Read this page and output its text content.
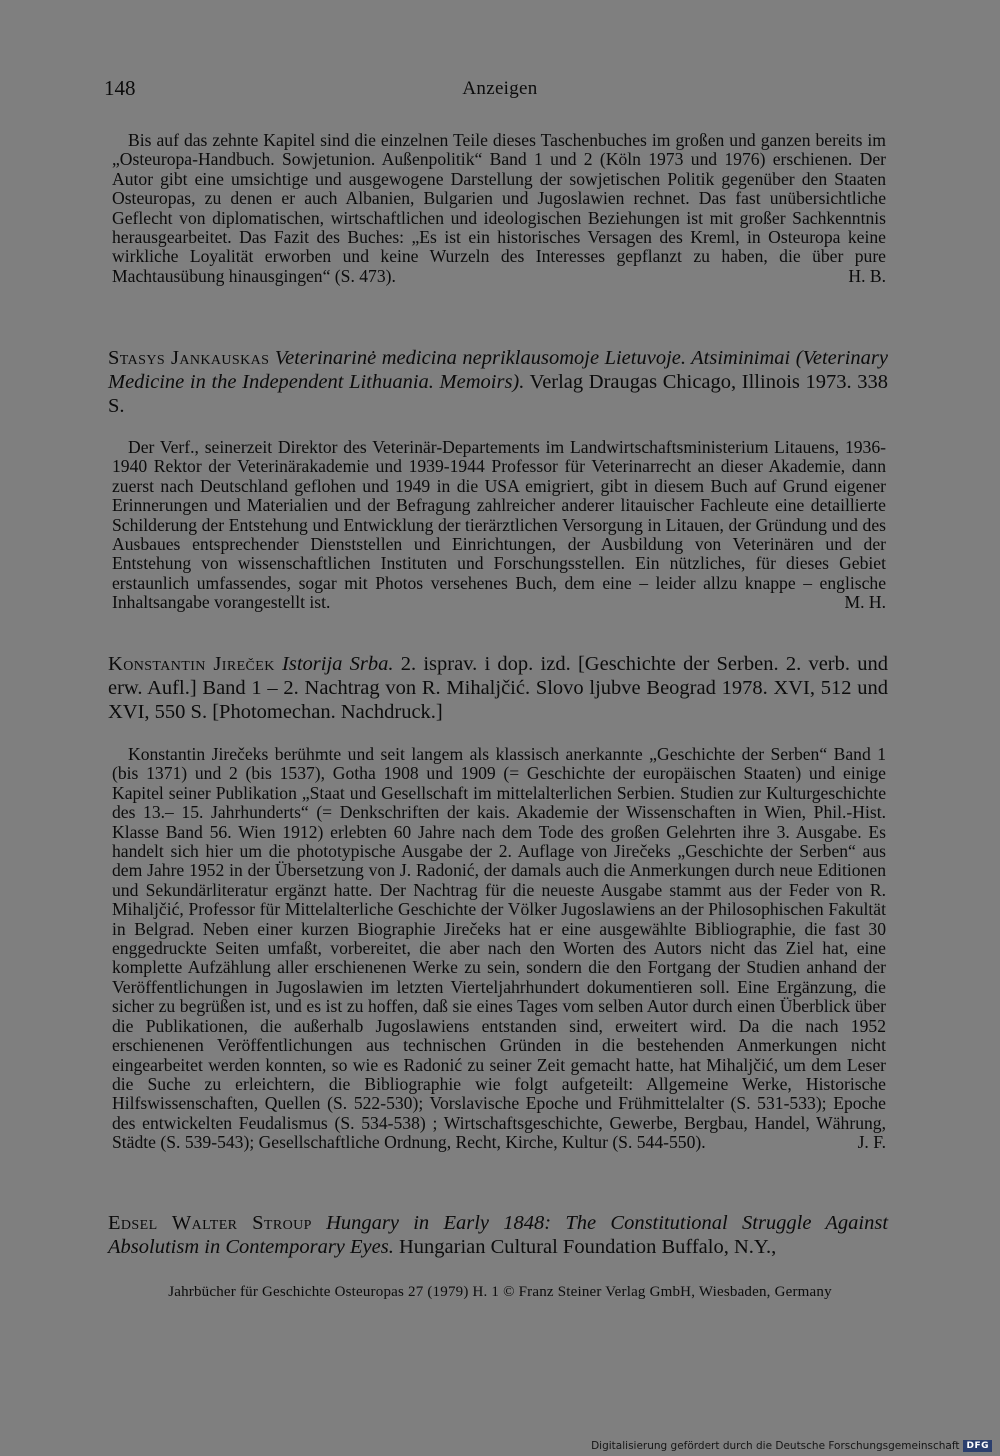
148	Anzeigen

Bis auf das zehnte Kapitel sind die einzelnen Teile dieses Taschenbuches im großen und ganzen bereits im „Osteuropa-Handbuch. Sowjetunion. Außenpolitik“ Band 1 und 2 (Köln 1973 und 1976) erschienen. Der Autor gibt eine umsichtige und ausgewogene Darstellung der sowjetischen Politik gegenüber den Staaten Osteuropas, zu denen er auch Albanien, Bulgarien und Jugoslawien rechnet. Das fast unübersichtliche Geflecht von diplomatischen, wirtschaftlichen und ideologischen Beziehungen ist mit großer Sachkenntnis herausgearbeitet. Das Fazit des Buches: „Es ist ein historisches Versagen des Kreml, in Osteuropa keine wirkliche Loyalität erworben und keine Wurzeln des Interesses gepflanzt zu haben, die über pure Machtausübung hinausgingen“ (S. 473).	H. B.

Stasys Jankauskas Veterinarinė medicina nepriklausomoje Lietuvoje. Atsiminimai (Veterinary Medicine in the Independent Lithuania. Memoirs). Verlag Draugas Chicago, Illinois 1973. 338 S.

Der Verf., seinerzeit Direktor des Veterinär-Departements im Landwirtschaftsministerium Litauens, 1936-1940 Rektor der Veterinärakademie und 1939-1944 Professor für Veterinarrecht an dieser Akademie, dann zuerst nach Deutschland geflohen und 1949 in die USA emigriert, gibt in diesem Buch auf Grund eigener Erinnerungen und Materialien und der Befragung zahlreicher anderer litauischer Fachleute eine detaillierte Schilderung der Entstehung und Entwicklung der tierärztlichen Versorgung in Litauen, der Gründung und des Ausbaues entsprechender Dienststellen und Einrichtungen, der Ausbildung von Veterinären und der Entstehung von wissenschaftlichen Instituten und Forschungsstellen. Ein nützliches, für dieses Gebiet erstaunlich umfassendes, sogar mit Photos versehenes Buch, dem eine – leider allzu knappe – englische Inhaltsangabe vorangestellt ist.	M. H.

Konstantin Jireček Istorija Srba. 2. isprav. i dop. izd. [Geschichte der Serben. 2. verb. und erw. Aufl.] Band 1 – 2. Nachtrag von R. Mihaljčić. Slovo ljubve Beograd 1978. XVI, 512 und XVI, 550 S. [Photomechan. Nachdruck.]

Konstantin Jirečeks berühmte und seit langem als klassisch anerkannte „Geschichte der Serben“ Band 1 (bis 1371) und 2 (bis 1537), Gotha 1908 und 1909 (= Geschichte der europäischen Staaten) und einige Kapitel seiner Publikation „Staat und Gesellschaft im mittelalterlichen Serbien. Studien zur Kulturgeschichte des 13.– 15. Jahrhunderts“ (= Denkschriften der kais. Akademie der Wissenschaften in Wien, Phil.-Hist. Klasse Band 56. Wien 1912) erlebten 60 Jahre nach dem Tode des großen Gelehrten ihre 3. Ausgabe. Es handelt sich hier um die phototypische Ausgabe der 2. Auflage von Jirečeks „Geschichte der Serben“ aus dem Jahre 1952 in der Übersetzung von J. Radonić, der damals auch die Anmerkungen durch neue Editionen und Sekundärliteratur ergänzt hatte. Der Nachtrag für die neueste Ausgabe stammt aus der Feder von R. Mihaljčić, Professor für Mittelalterliche Geschichte der Völker Jugoslawiens an der Philosophischen Fakultät in Belgrad. Neben einer kurzen Biographie Jirečeks hat er eine ausgewählte Bibliographie, die fast 30 enggedruckte Seiten umfaßt, vorbereitet, die aber nach den Worten des Autors nicht das Ziel hat, eine komplette Aufzählung aller erschienenen Werke zu sein, sondern die den Fortgang der Studien anhand der Veröffentlichungen in Jugoslawien im letzten Vierteljahrhundert dokumentieren soll. Eine Ergänzung, die sicher zu begrüßen ist, und es ist zu hoffen, daß sie eines Tages vom selben Autor durch einen Überblick über die Publikationen, die außerhalb Jugoslawiens entstanden sind, erweitert wird. Da die nach 1952 erschienenen Veröffentlichungen aus technischen Gründen in die bestehenden Anmerkungen nicht eingearbeitet werden konnten, so wie es Radonić zu seiner Zeit gemacht hatte, hat Mihaljčić, um dem Leser die Suche zu erleichtern, die Bibliographie wie folgt aufgeteilt: Allgemeine Werke, Historische Hilfswissenschaften, Quellen (S. 522-530); Vorslavische Epoche und Frühmittelalter (S. 531-533); Epoche des entwickelten Feudalismus (S. 534-538) ; Wirtschaftsgeschichte, Gewerbe, Bergbau, Handel, Währung, Städte (S. 539-543); Gesellschaftliche Ordnung, Recht, Kirche, Kultur (S. 544-550).	J. F.

Edsel Walter Stroup Hungary in Early 1848: The Constitutional Struggle Against Absolutism in Contemporary Eyes. Hungarian Cultural Foundation Buffalo, N.Y.,

Jahrbücher für Geschichte Osteuropas 27 (1979) H. 1 © Franz Steiner Verlag GmbH, Wiesbaden, Germany
Digitalisierung gefördert durch die Deutsche Forschungsgemeinschaft DFG
